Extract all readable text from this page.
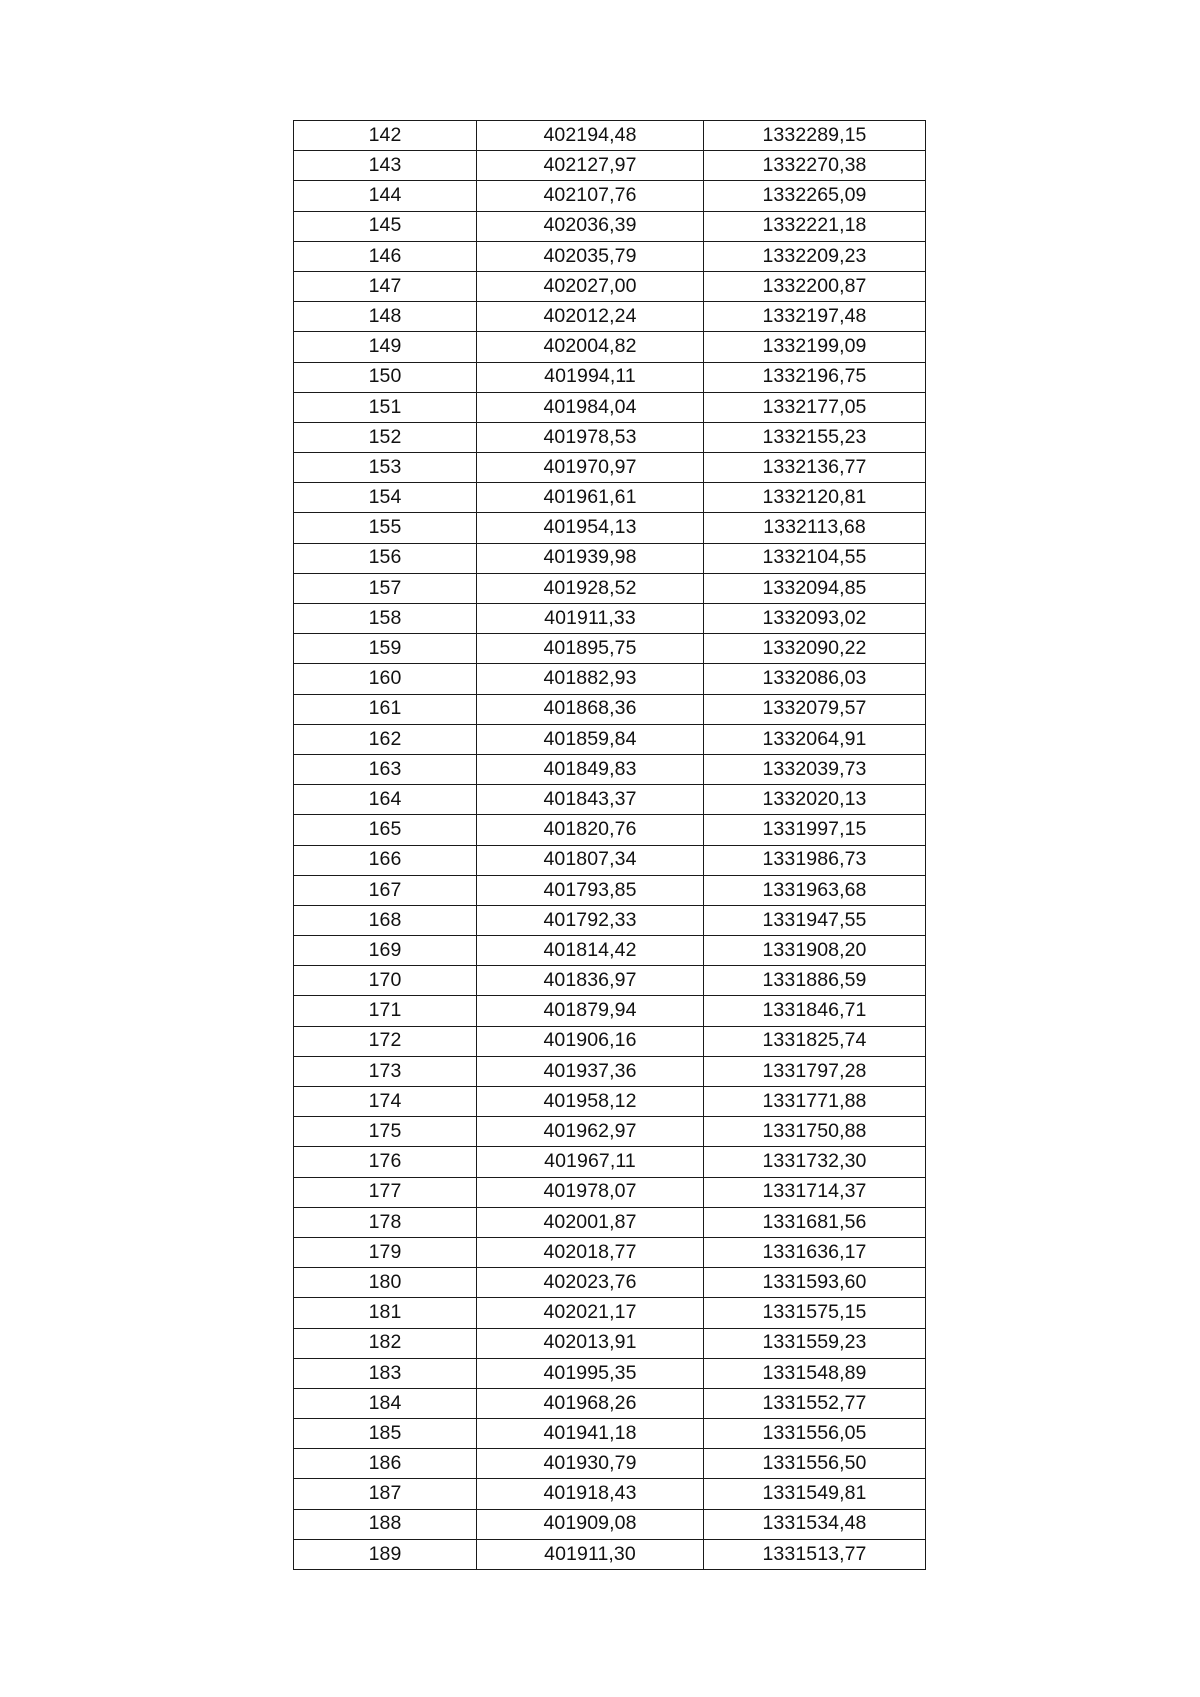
142	402194,48	1332289,15
143	402127,97	1332270,38
144	402107,76	1332265,09
145	402036,39	1332221,18
146	402035,79	1332209,23
147	402027,00	1332200,87
148	402012,24	1332197,48
149	402004,82	1332199,09
150	401994,11	1332196,75
151	401984,04	1332177,05
152	401978,53	1332155,23
153	401970,97	1332136,77
154	401961,61	1332120,81
155	401954,13	1332113,68
156	401939,98	1332104,55
157	401928,52	1332094,85
158	401911,33	1332093,02
159	401895,75	1332090,22
160	401882,93	1332086,03
161	401868,36	1332079,57
162	401859,84	1332064,91
163	401849,83	1332039,73
164	401843,37	1332020,13
165	401820,76	1331997,15
166	401807,34	1331986,73
167	401793,85	1331963,68
168	401792,33	1331947,55
169	401814,42	1331908,20
170	401836,97	1331886,59
171	401879,94	1331846,71
172	401906,16	1331825,74
173	401937,36	1331797,28
174	401958,12	1331771,88
175	401962,97	1331750,88
176	401967,11	1331732,30
177	401978,07	1331714,37
178	402001,87	1331681,56
179	402018,77	1331636,17
180	402023,76	1331593,60
181	402021,17	1331575,15
182	402013,91	1331559,23
183	401995,35	1331548,89
184	401968,26	1331552,77
185	401941,18	1331556,05
186	401930,79	1331556,50
187	401918,43	1331549,81
188	401909,08	1331534,48
189	401911,30	1331513,77
